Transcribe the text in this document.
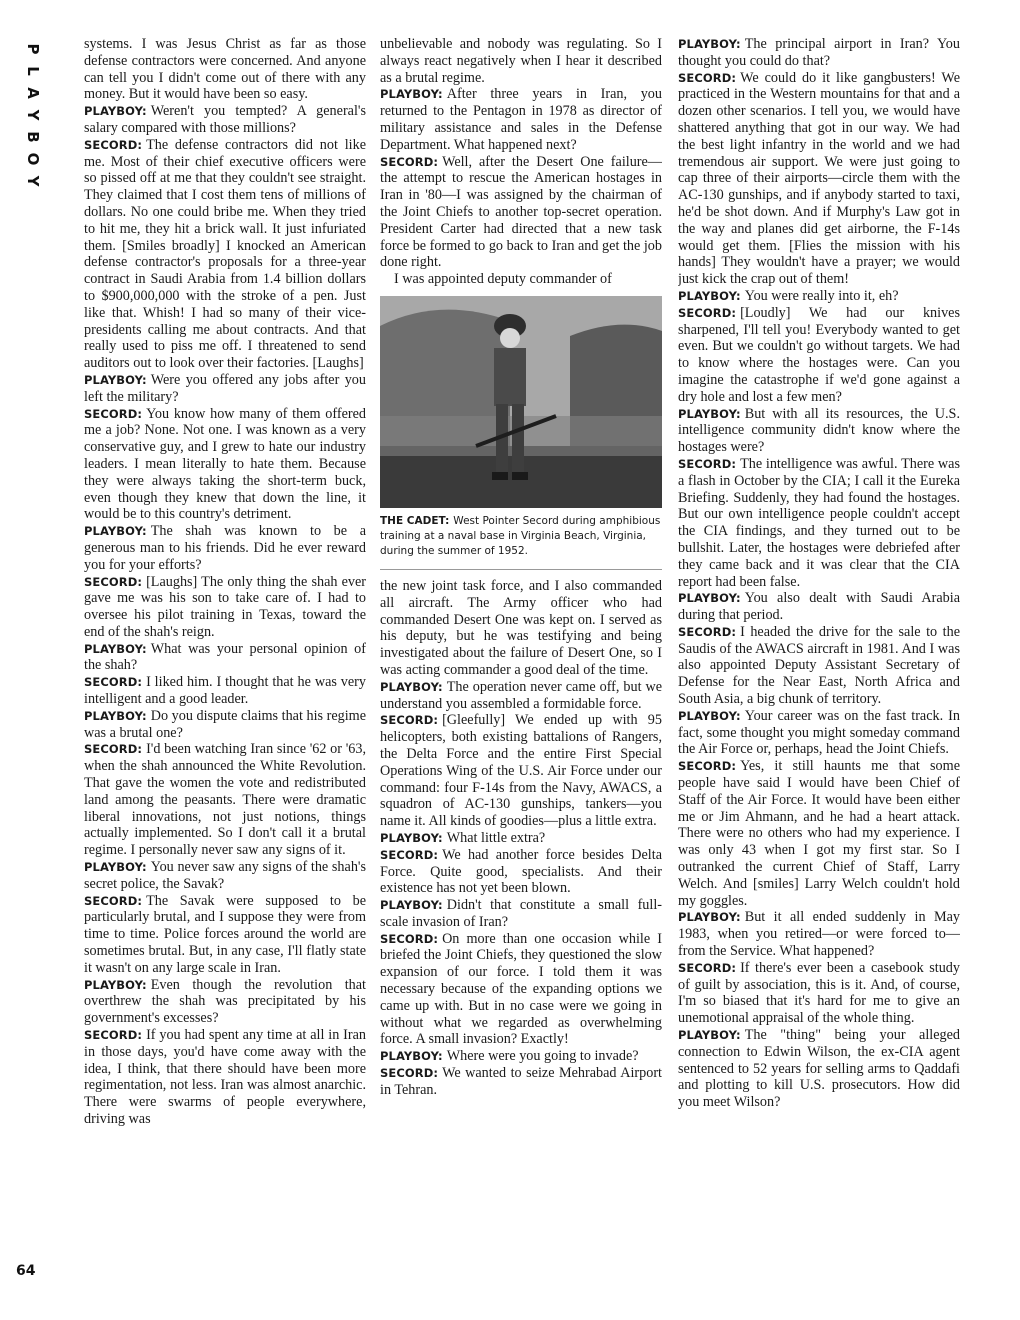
P
L
A
Y
B
O
Y
64

systems. I was Jesus Christ as far as those defense contractors were concerned. And anyone can tell you I didn't come out of there with any money. But it would have been so easy.

PLAYBOY: Weren't you tempted? A general's salary compared with those millions?

SECORD: The defense contractors did not like me. Most of their chief executive officers were so pissed off at me that they couldn't see straight. They claimed that I cost them tens of millions of dollars. No one could bribe me. When they tried to hit me, they hit a brick wall. It just infuriated them. [Smiles broadly] I knocked an American defense contractor's proposals for a three-year contract in Saudi Arabia from 1.4 billion dollars to $900,000,000 with the stroke of a pen. Just like that. Whish! I had so many of their vice-presidents calling me about contracts. And that really used to piss me off. I threatened to send auditors out to look over their factories. [Laughs]

PLAYBOY: Were you offered any jobs after you left the military?

SECORD: You know how many of them offered me a job? None. Not one. I was known as a very conservative guy, and I grew to hate our industry leaders. I mean literally to hate them. Because they were always taking the short-term buck, even though they knew that down the line, it would be to this country's detriment.

PLAYBOY: The shah was known to be a generous man to his friends. Did he ever reward you for your efforts?

SECORD: [Laughs] The only thing the shah ever gave me was his son to take care of. I had to oversee his pilot training in Texas, toward the end of the shah's reign.

PLAYBOY: What was your personal opinion of the shah?

SECORD: I liked him. I thought that he was very intelligent and a good leader.

PLAYBOY: Do you dispute claims that his regime was a brutal one?

SECORD: I'd been watching Iran since '62 or '63, when the shah announced the White Revolution. That gave the women the vote and redistributed land among the peasants. There were dramatic liberal innovations, not just notions, things actually implemented. So I don't call it a brutal regime. I personally never saw any signs of it.

PLAYBOY: You never saw any signs of the shah's secret police, the Savak?

SECORD: The Savak were supposed to be particularly brutal, and I suppose they were from time to time. Police forces around the world are sometimes brutal. But, in any case, I'll flatly state it wasn't on any large scale in Iran.

PLAYBOY: Even though the revolution that overthrew the shah was precipitated by his government's excesses?

SECORD: If you had spent any time at all in Iran in those days, you'd have come away with the idea, I think, that there should have been more regimentation, not less. Iran was almost anarchic. There were swarms of people everywhere, driving was

unbelievable and nobody was regulating. So I always react negatively when I hear it described as a brutal regime.

PLAYBOY: After three years in Iran, you returned to the Pentagon in 1978 as director of military assistance and sales in the Defense Department. What happened next?

SECORD: Well, after the Desert One failure—the attempt to rescue the American hostages in Iran in '80—I was assigned by the chairman of the Joint Chiefs to another top-secret operation. President Carter had directed that a new task force be formed to go back to Iran and get the job done right.

I was appointed deputy commander of

THE CADET: West Pointer Secord during amphibious training at a naval base in Virginia Beach, Virginia, during the summer of 1952.

the new joint task force, and I also commanded all aircraft. The Army officer who had commanded Desert One was kept on. I served as his deputy, but he was testifying and being investigated about the failure of Desert One, so I was acting commander a good deal of the time.

PLAYBOY: The operation never came off, but we understand you assembled a formidable force.

SECORD: [Gleefully] We ended up with 95 helicopters, both existing battalions of Rangers, the Delta Force and the entire First Special Operations Wing of the U.S. Air Force under our command: four F-14s from the Navy, AWACS, a squadron of AC-130 gunships, tankers—you name it. All kinds of goodies—plus a little extra.

PLAYBOY: What little extra?

SECORD: We had another force besides Delta Force. Quite good, specialists. And their existence has not yet been blown.

PLAYBOY: Didn't that constitute a small full-scale invasion of Iran?

SECORD: On more than one occasion while I briefed the Joint Chiefs, they questioned the slow expansion of our force. I told them it was necessary because of the expanding options we came up with. But in no case were we going in without what we regarded as overwhelming force. A small invasion? Exactly!

PLAYBOY: Where were you going to invade?

SECORD: We wanted to seize Mehrabad Airport in Tehran.

PLAYBOY: The principal airport in Iran? You thought you could do that?

SECORD: We could do it like gangbusters! We practiced in the Western mountains for that and a dozen other scenarios. I tell you, we would have shattered anything that got in our way. We had the best light infantry in the world and we had tremendous air support. We were just going to cap three of their airports—circle them with the AC-130 gunships, and if anybody started to taxi, he'd be shot down. And if Murphy's Law got in the way and planes did get airborne, the F-14s would get them. [Flies the mission with his hands] They wouldn't have a prayer; we would just kick the crap out of them!

PLAYBOY: You were really into it, eh?

SECORD: [Loudly] We had our knives sharpened, I'll tell you! Everybody wanted to get even. But we couldn't go without targets. We had to know where the hostages were. Can you imagine the catastrophe if we'd gone against a dry hole and lost a few men?

PLAYBOY: But with all its resources, the U.S. intelligence community didn't know where the hostages were?

SECORD: The intelligence was awful. There was a flash in October by the CIA; I call it the Eureka Briefing. Suddenly, they had found the hostages. But our own intelligence people couldn't accept the CIA findings, and they turned out to be bullshit. Later, the hostages were debriefed after they came back and it was clear that the CIA report had been false.

PLAYBOY: You also dealt with Saudi Arabia during that period.

SECORD: I headed the drive for the sale to the Saudis of the AWACS aircraft in 1981. And I was also appointed Deputy Assistant Secretary of Defense for the Near East, North Africa and South Asia, a big chunk of territory.

PLAYBOY: Your career was on the fast track. In fact, some thought you might someday command the Air Force or, perhaps, head the Joint Chiefs.

SECORD: Yes, it still haunts me that some people have said I would have been Chief of Staff of the Air Force. It would have been either me or Jim Ahmann, and he had a heart attack. There were no others who had my experience. I was only 43 when I got my first star. So I outranked the current Chief of Staff, Larry Welch. And [smiles] Larry Welch couldn't hold my goggles.

PLAYBOY: But it all ended suddenly in May 1983, when you retired—or were forced to—from the Service. What happened?

SECORD: If there's ever been a casebook study of guilt by association, this is it. And, of course, I'm so biased that it's hard for me to give an unemotional appraisal of the whole thing.

PLAYBOY: The "thing" being your alleged connection to Edwin Wilson, the ex-CIA agent sentenced to 52 years for selling arms to Qaddafi and plotting to kill U.S. prosecutors. How did you meet Wilson?
